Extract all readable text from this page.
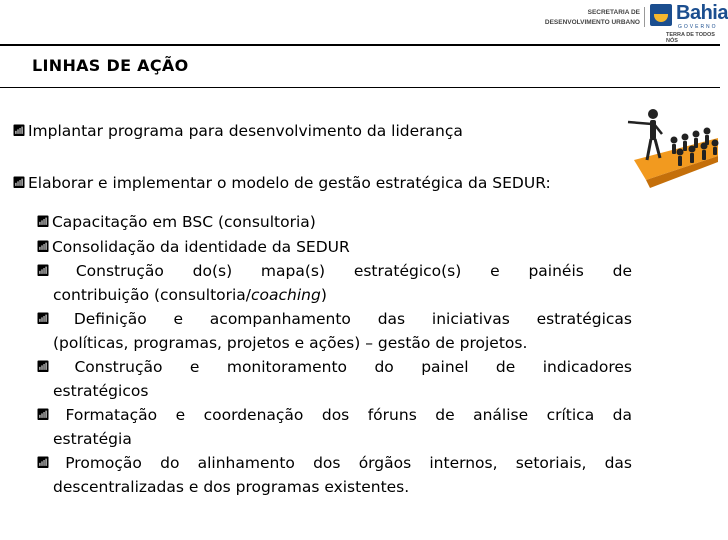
SECRETARIA DE
DESENVOLVIMENTO URBANO Bahia
GOVERNO
TERRA DE TODOS NÓS
LINHAS DE AÇÃO
📶︎ Implantar programa para desenvolvimento da liderança
📶︎ Elaborar e implementar o modelo de gestão estratégica da SEDUR:
📶︎ Capacitação em BSC (consultoria)
📶︎ Consolidação da identidade da SEDUR
📶︎ Construção do(s) mapa(s) estratégico(s) e painéis de
contribuição (consultoria/coaching)
📶︎ Definição e acompanhamento das iniciativas estratégicas
(políticas, programas, projetos e ações) – gestão de projetos.
📶︎ Construção e monitoramento do painel de indicadores
estratégicos
📶︎ Formatação e coordenação dos fóruns de análise crítica da
estratégia
📶︎ Promoção do alinhamento dos órgãos internos, setoriais, das
descentralizadas e dos programas existentes.
